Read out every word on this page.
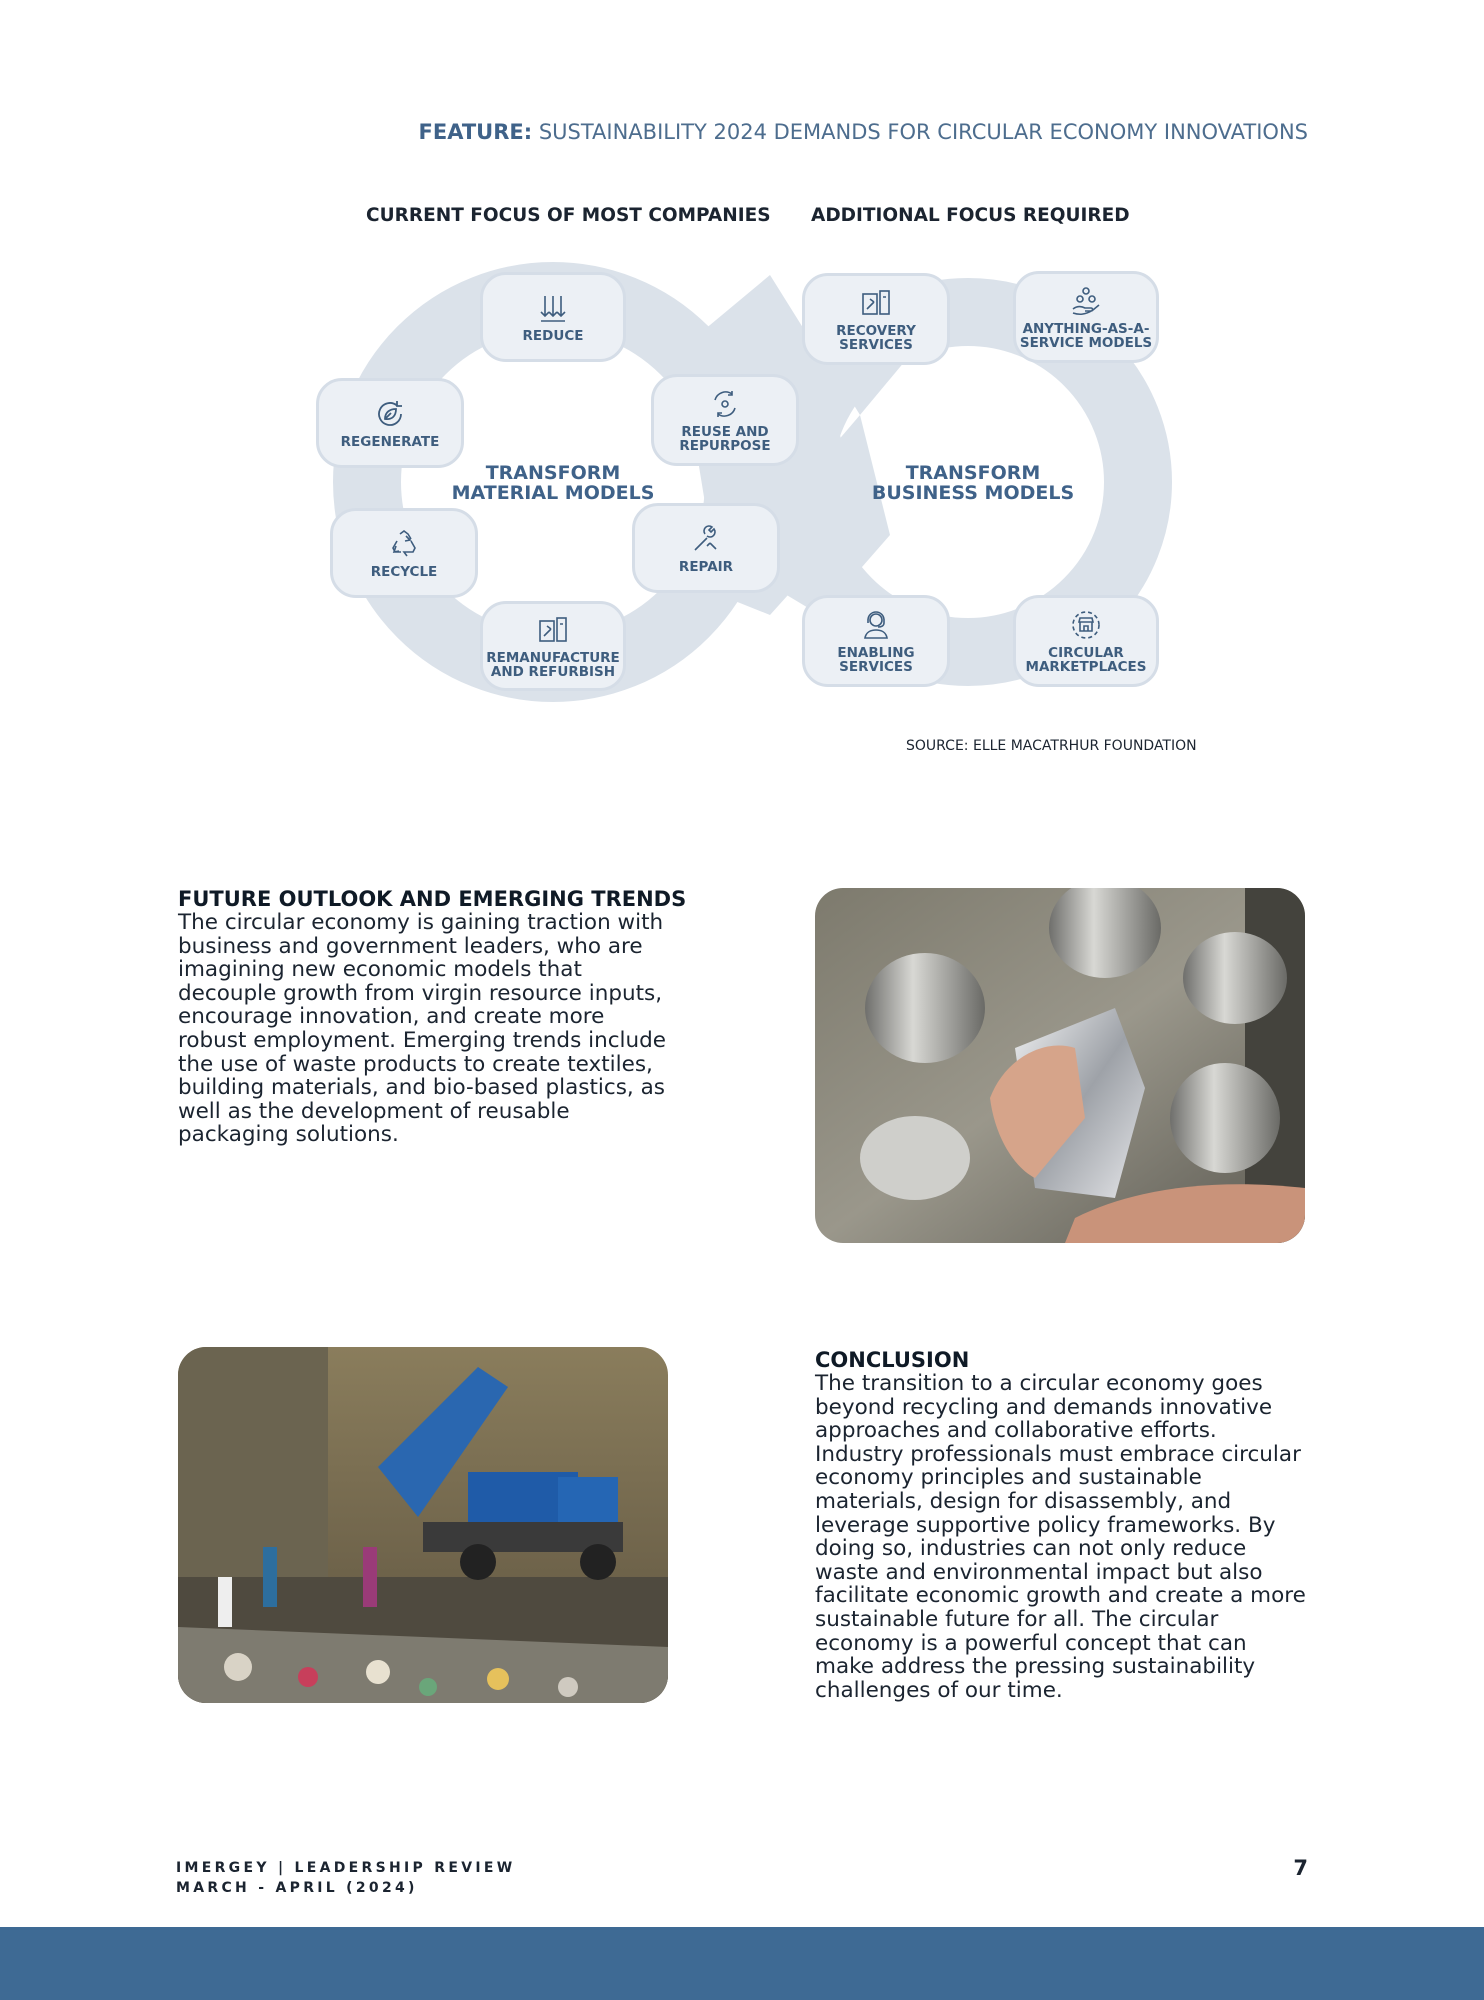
FEATURE: SUSTAINABILITY 2024 DEMANDS FOR CIRCULAR ECONOMY INNOVATIONS
CURRENT FOCUS OF MOST COMPANIES ADDITIONAL FOCUS REQUIRED
TRANSFORM
MATERIAL MODELS
TRANSFORM
BUSINESS MODELS
REDUCE
REGENERATE
REUSE AND
REPURPOSE
RECYCLE	REPAIR
REMANUFACTURE
AND REFURBISH
RECOVERY
SERVICES
ANYTHING-AS-A-
SERVICE MODELS
ENABLING
SERVICES
CIRCULAR
MARKETPLACES
SOURCE: ELLE MACATRHUR FOUNDATION
FUTURE OUTLOOK AND EMERGING TRENDS
The circular economy is gaining traction with business and government leaders, who are imagining new economic models that decouple growth from virgin resource inputs, encourage innovation, and create more robust employment. Emerging trends include the use of waste products to create textiles, building materials, and bio-based plastics, as well as the development of reusable packaging solutions.
CONCLUSION
The transition to a circular economy goes beyond recycling and demands innovative approaches and collaborative efforts. Industry professionals must embrace circular economy principles and sustainable materials, design for disassembly, and leverage supportive policy frameworks. By doing so, industries can not only reduce waste and environmental impact but also facilitate economic growth and create a more sustainable future for all. The circular economy is a powerful concept that can make address the pressing sustainability challenges of our time.
IMERGEY | LEADERSHIP REVIEW
MARCH - APRIL (2024)
7
